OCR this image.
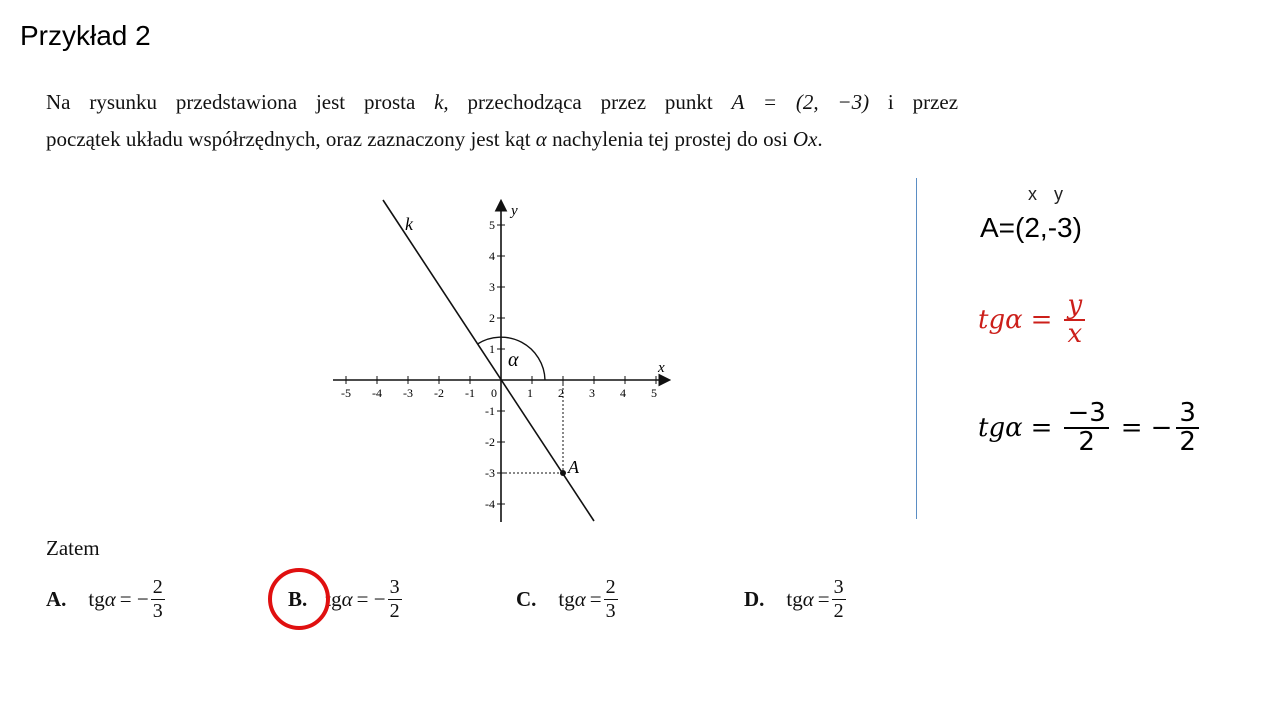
Przykład 2
Na rysunku przedstawiona jest prosta k, przechodząca przez punkt A = (2, −3) i przez
początek układu współrzędnych, oraz zaznaczony jest kąt α nachylenia tej prostej do osi Ox.
-5 -4 -3 -2 -1 0	1 2 3 4 5
1
2
3
4
5
-1
-2
-3
-4
x
y
k
α
A
x y
A=(2,-3)
$tg\alpha = \frac{y}{x}$
$tg\alpha = \frac{-3}{2}$ = − $\frac{3}{2}$
Zatem
A. tg α = − $\frac{2}{3}$	B. tg α = − $\frac{3}{2}$	C. tg $\alpha = \frac{2}{3}$	D. tg $\alpha = \frac{3}{2}$
